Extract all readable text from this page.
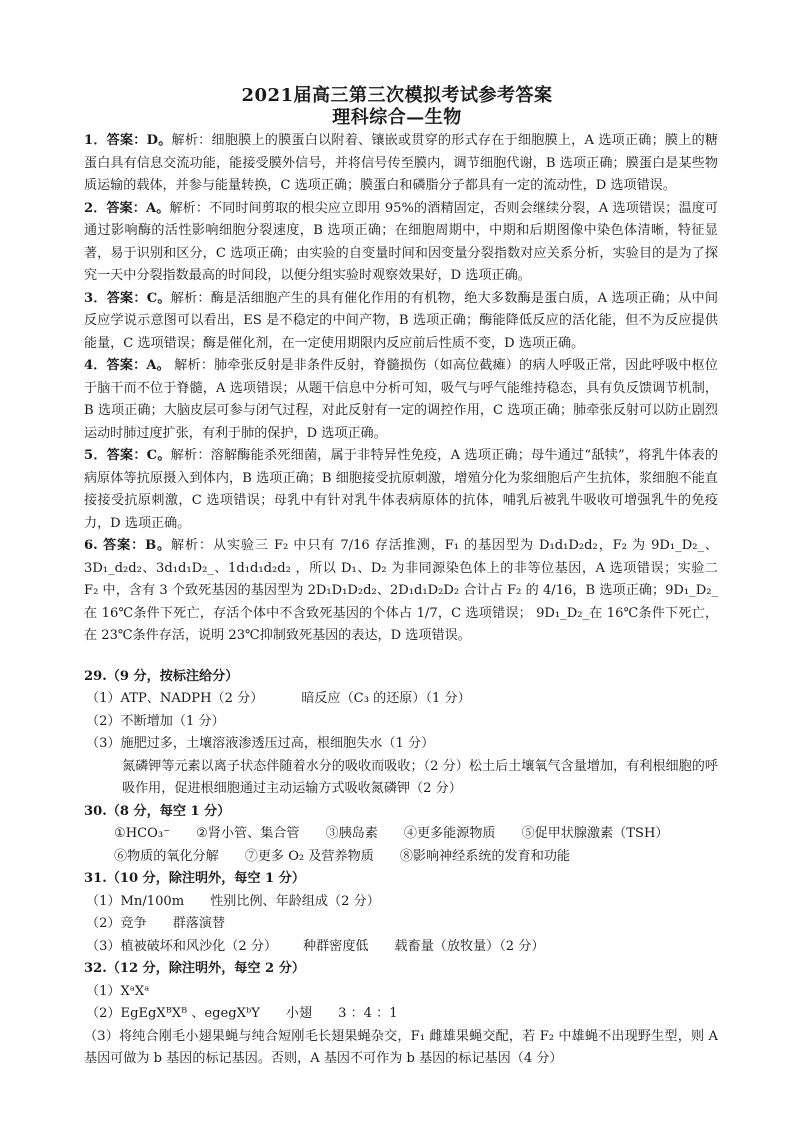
2021届高三第三次模拟考试参考答案
理科综合—生物

1．答案：D。解析：细胞膜上的膜蛋白以附着、镶嵌或贯穿的形式存在于细胞膜上，A 选项正确；膜上的糖蛋白具有信息交流功能，能接受膜外信号，并将信号传至膜内，调节细胞代谢，B 选项正确；膜蛋白是某些物质运输的载体，并参与能量转换，C 选项正确；膜蛋白和磷脂分子都具有一定的流动性，D 选项错误。

2．答案：A。解析：不同时间剪取的根尖应立即用 95%的酒精固定，否则会继续分裂，A 选项错误；温度可通过影响酶的活性影响细胞分裂速度，B 选项正确；在细胞周期中，中期和后期图像中染色体清晰，特征显著，易于识别和区分，C 选项正确；由实验的自变量时间和因变量分裂指数对应关系分析，实验目的是为了探究一天中分裂指数最高的时间段，以便分组实验时观察效果好，D 选项正确。

3．答案：C。解析：酶是活细胞产生的具有催化作用的有机物，绝大多数酶是蛋白质，A 选项正确；从中间反应学说示意图可以看出，ES 是不稳定的中间产物，B 选项正确；酶能降低反应的活化能，但不为反应提供能量，C 选项错误；酶是催化剂，在一定使用期限内反应前后性质不变，D 选项正确。

4．答案：A。 解析：肺牵张反射是非条件反射，脊髓损伤（如高位截瘫）的病人呼吸正常，因此呼吸中枢位于脑干而不位于脊髓，A 选项错误；从题干信息中分析可知，吸气与呼气能维持稳态，具有负反馈调节机制，B 选项正确；大脑皮层可参与闭气过程，对此反射有一定的调控作用，C 选项正确；肺牵张反射可以防止剧烈运动时肺过度扩张，有利于肺的保护，D 选项正确。

5．答案：C。解析：溶解酶能杀死细菌，属于非特异性免疫，A 选项正确；母牛通过“舐犊”，将乳牛体表的病原体等抗原摄入到体内，B 选项正确；B 细胞接受抗原刺激，增殖分化为浆细胞后产生抗体，浆细胞不能直接接受抗原刺激，C 选项错误；母乳中有针对乳牛体表病原体的抗体，哺乳后被乳牛吸收可增强乳牛的免疫力，D 选项正确。

6. 答案：B。解析：从实验三 F₂ 中只有 7/16 存活推测，F₁ 的基因型为 D₁d₁D₂d₂，F₂ 为 9D₁_D₂_、3D₁_d₂d₂、3d₁d₁D₂_、1d₁d₁d₂d₂ ，所以 D₁、D₂ 为非同源染色体上的非等位基因，A 选项错误；实验二 F₂ 中，含有 3 个致死基因的基因型为 2D₁D₁D₂d₂、2D₁d₁D₂D₂ 合计占 F₂ 的 4/16，B 选项正确；9D₁_D₂_在 16℃条件下死亡，存活个体中不含致死基因的个体占 1/7，C 选项错误； 9D₁_D₂_在 16℃条件下死亡，在 23℃条件存活，说明 23℃抑制致死基因的表达，D 选项错误。

29.（9 分，按标注给分）

（1）ATP、NADPH（2 分）	暗反应（C₃ 的还原）（1 分）

（2）不断增加（1 分）

（3）施肥过多，土壤溶液渗透压过高，根细胞失水（1 分）

氮磷钾等元素以离子状态伴随着水分的吸收而吸收；（2 分）松土后土壤氧气含量增加，有利根细胞的呼吸作用，促进根细胞通过主动运输方式吸收氮磷钾（2 分）

30.（8 分，每空 1 分）

①HCO₃⁻ ②肾小管、集合管 ③胰岛素 ④更多能源物质 ⑤促甲状腺激素（TSH）

⑥物质的氧化分解 ⑦更多 O₂ 及营养物质 ⑧影响神经系统的发育和功能

31.（10 分，除注明外，每空 1 分）

（1）Mn/100m 性别比例、年龄组成（2 分）

（2）竞争 群落演替

（3）植被破坏和风沙化（2 分） 种群密度低 载畜量（放牧量）（2 分）

32.（12 分，除注明外，每空 2 分）

（1）XᵃXᵃ

（2）EgEgXᴮXᴮ 、egegXᵇY 小翅 3 ：4 ：1

（3）将纯合刚毛小翅果蝇与纯合短刚毛长翅果蝇杂交，F₁ 雌雄果蝇交配，若 F₂ 中雄蝇不出现野生型，则 A 基因可做为 b 基因的标记基因。否则，A 基因不可作为 b 基因的标记基因（4 分）
